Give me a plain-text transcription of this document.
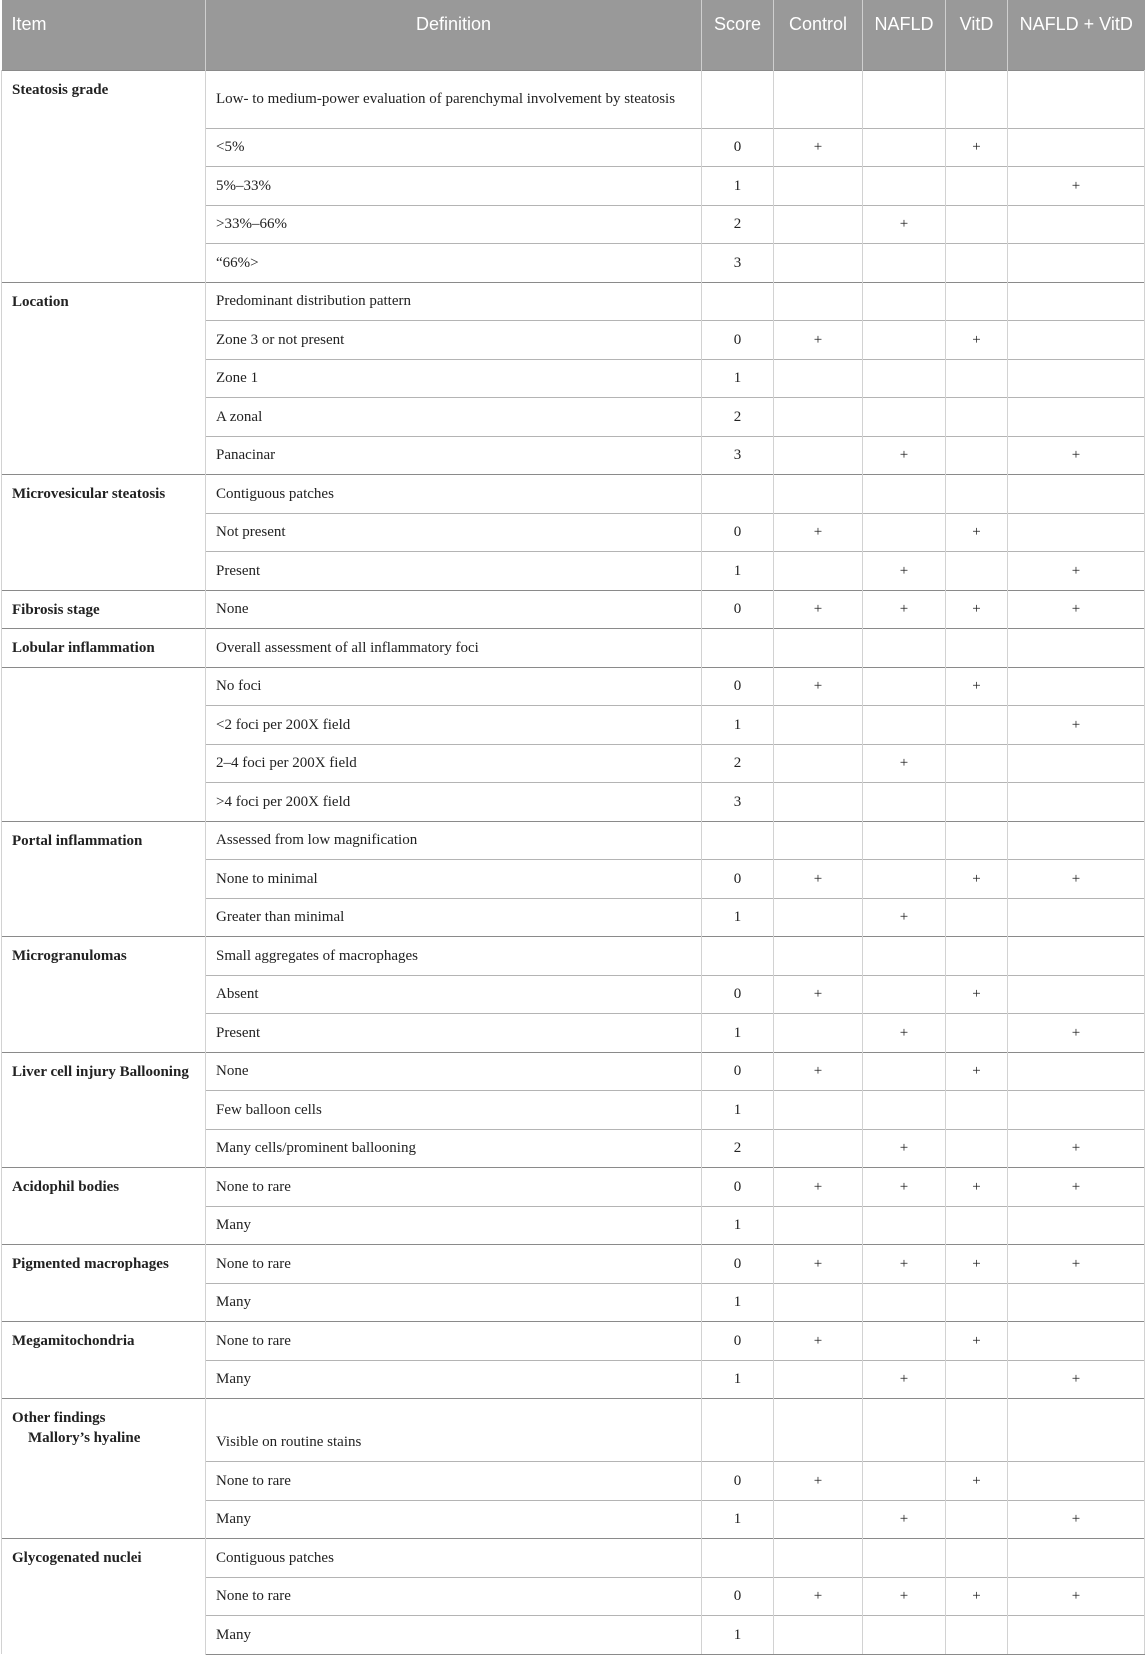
Item	Definition	Score	Control	NAFLD	VitD	NAFLD + VitD
Steatosis grade	Low- to medium-power evaluation of parenchymal involvement by steatosis					
	<5%	0	+		+	
	5%–33%	1				+
	>33%–66%	2		+		
	“66%>	3				
Location	Predominant distribution pattern					
	Zone 3 or not present	0	+		+	
	Zone 1	1				
	A zonal	2				
	Panacinar	3		+		+
Microvesicular steatosis	Contiguous patches					
	Not present	0	+		+	
	Present	1		+		+
Fibrosis stage	None	0	+	+	+	+
Lobular inflammation	Overall assessment of all inflammatory foci					
	No foci	0	+		+	
	<2 foci per 200X field	1				+
	2–4 foci per 200X field	2		+		
	>4 foci per 200X field	3				
Portal inflammation	Assessed from low magnification					
	None to minimal	0	+		+	+
	Greater than minimal	1		+		
Microgranulomas	Small aggregates of macrophages					
	Absent	0	+		+	
	Present	1		+		+
Liver cell injury Ballooning	None	0	+		+	
	Few balloon cells	1				
	Many cells/prominent ballooning	2		+		+
Acidophil bodies	None to rare	0	+	+	+	+
	Many	1				
Pigmented macrophages	None to rare	0	+	+	+	+
	Many	1				
Megamitochondria	None to rare	0	+		+	
	Many	1		+		+
Other findings
Mallory’s hyaline	Visible on routine stains					
	None to rare	0	+		+	
	Many	1		+		+
Glycogenated nuclei	Contiguous patches					
	None to rare	0	+	+	+	+
	Many	1				
